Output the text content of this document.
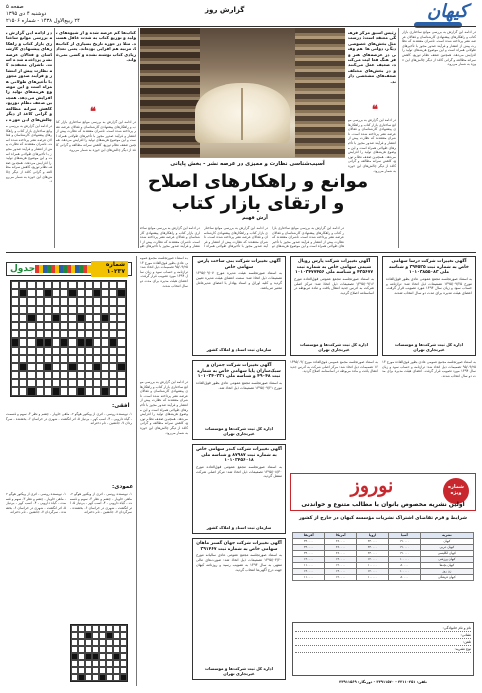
صفحه ۵
دوشنبه ۴ دی ۱۳۹۵
۲۴ ربیع‌الاول ۱۴۳۸ - شماره ۲۱۵۰۶
گزارش روز	کیهان
در ادامه این گزارش به بررسی موانع ساختاری بازار کتاب و راهکارهای پیشنهادی کارشناسان و فعالان عرصه نشر پرداخته شده است. ناشران معتقدند که نظارت پیش از انتشار و فرآیند صدور مجوز با تأخیرهای طولانی همراه است و این موضوع هزینه‌های تولید را افزایش می‌دهد. همچنین ضعف نظام توزیع، کاهش سرانه مطالعه و گرانی کاغذ از دیگر چالش‌های این حوزه به شمار می‌رود.
رئیس اسبق مرکز فرهنگی معتقد است: درست مثل بخش‌های خصوصی دیگر، دولتی‌ها هم وقتی در عرصه‌های هنر و فرهنگ فعالیت می‌کنند، ضعیف عمل می‌کنند و در بخش‌های مختلف ضعف‌های مشخصی دارند.
❝
در ادامه این گزارش به بررسی موانع ساختاری بازار کتاب و راهکارهای پیشنهادی کارشناسان و فعالان عرصه نشر پرداخته شده است. ناشران معتقدند که نظارت پیش از انتشار و فرآیند صدور مجوز با تأخیرهای طولانی همراه است و این موضوع هزینه‌های تولید را افزایش می‌دهد. همچنین ضعف نظام توزیع، کاهش سرانه مطالعه و گرانی کاغذ از دیگر چالش‌های این حوزه به شمار می‌رود.
در ادامه این گزارش به بررسی موانع ساختاری بازار کتاب و راهکارهای پیشنهادی کارشناسان و فعالان عرصه نشر پرداخته شده است. ناشران معتقدند که نظارت پیش از انتشار و فرآیند صدور مجوز با تأخیرهای طولانی همراه است و این موضوع هزینه‌های تولید را افزایش می‌دهد. همچنین ضعف نظام توزیع، کاهش سرانه مطالعه و گرانی کاغذ از دیگر چالش‌های این حوزه ب
کتاب‌ها کم عرضه شده و از شیوه‌های تولید و توزیع کتاب به شدت غافل هستند. مثلا در حوزه تاریخ بسیاری از کتاب‌ها، مرتبه هم افزایی بوده‌اند. یعنی تعداد زیادی کتاب نوشته نشده و کسی نمی‌خواند.
❝
در ادامه این گزارش به بررسی موانع ساختاری بازار کتاب و راهکارهای پیشنهادی کارشناسان و فعالان عرصه نشر پرداخته شده است. ناشران معتقدند که نظارت پیش از انتشار و فرآیند صدور مجوز با تأخیرهای طولانی همراه است و این موضوع هزینه‌های تولید را افزایش می‌دهد. همچنین ضعف نظام توزیع، کاهش سرانه مطالعه و گرانی کاغذ از دیگر چالش‌های این حوزه به شمار می‌رود.
در ادامه این گزارش به بررسی موانع ساختاری بازار کتاب و راهکارهای پیشنهادی کارشناسان و فعالان عرصه نشر پرداخته شده است. ناشران معتقدند که نظارت پیش از انتشار و فرآیند صدور مجوز با تأخیرهای طولانی همراه است و این موضوع هزینه‌های تولید را افزایش می‌دهد. همچنین ضعف نظام توزیع، کاهش سرانه مطالعه و گرانی کاغذ از دیگر چالش‌های این حوزه به شمار می‌رود.
آسیب‌شناسی نظارت و ممیزی در عرصه نشر - بخش پایانی
موانع و راهکارهای اصلاح
و ارتقای بازار کتاب
آرش فهیم
در ادامه این گزارش به بررسی موانع ساختاری بازار کتاب و راهکارهای پیشنهادی کارشناسان و فعالان عرصه نشر پرداخته شده است. ناشران معتقدند که نظارت پیش از انتشار و فرآیند صدور مجوز با تأخیرهای طو
در ادامه این گزارش به بررسی موانع ساختاری بازار کتاب و راهکارهای پیشنهادی کارشناسان و فعالان عرصه نشر پرداخته شده است. ناشران معتقدند که نظارت پیش از انتشار و فرآیند صدور مجوز با تأخیرهای طولانی همراه ا
در ادامه این گزارش به بررسی موانع ساختاری بازار کتاب و راهکارهای پیشنهادی کارشناسان و فعالان عرصه نشر پرداخته شده است. ناشران معتقدند که نظارت پیش از انتشار و فرآیند صدور مجوز با تأخیرهای طولانی همراه است و این موضوع هزینه‌های تو
شماره ۱۰۲۳۷
جدول
افقی:
۱- نویسنده روسی - اثری از ویکتور هوگو ۲- ماهی خاویار - چشم و نظر ۳- سهم و قسمت - گیاه دارویی - ۴- اسب کهر - بی‌نیاز ۵- اثر انگشت - شهری در خراسان ۶- بخشنده - سرگردان ۷- جانشین - نام دخترانه
عمودی:
۱- نویسنده روسی - اثری از ویکتور هوگو ۲- ماهی خاویار - چشم و نظر ۳- سهم و قسمت - گیاه دارویی - ۴- اسب کهر - بی‌نیاز ۵- اثر انگشت - شهری در خراسان ۶- بخشنده - سرگردان ۷- جانشین - نام دخترانه
۱- نویسنده روسی - اثری از ویکتور هوگو ۲- ماهی خاویار - چشم و نظر ۳- سهم و قسمت - گیاه دارویی - ۴- اسب کهر - بی‌نیاز ۵- اثر انگشت - شهری در خراسان ۶- بخشنده - سرگردان ۷- جانشین - نام دخترانه
به استناد صورتجلسه مجمع عمومی عادی بطور فوق‌العاده مورخ ۱۳۹۵/۰۹/۲۵ تصمیمات ذیل اتخاذ شد: ترازنامه و حساب سود و زیان سال ۱۳۹۴ مورد تصویب قرار گرفت. اعضای هیئت مدیره برای مدت دو سال انتخاب شدند.
در ادامه این گزارش به بررسی موانع ساختاری بازار کتاب و راهکارهای پیشنهادی کارشناسان و فعالان عرصه نشر پرداخته شده است. ناشران معتقدند که نظارت پیش از انتشار و فرآیند صدور مجوز با تأخیرهای طولانی همراه است و این موضوع هزینه‌های تولید را افزایش می‌دهد. همچنین ضعف نظام توزیع، کاهش سرانه مطالعه و گرانی کاغذ از دیگر چالش‌های این حوزه به شمار می‌رود.
آگهی تغییرات شرکت بنی ساخت پارس سهامی خاص
به استناد صورتجلسه هیئت مدیره مورخ ۱۳۹۵/۰۹/۰۷ تصمیمات ذیل اتخاذ شد: سمت اعضای هیئت مدیره تعیین گردید و کلیه اوراق و اسناد بهادار با امضای مدیرعامل معتبر می‌باشد.
سازمان ثبت اسناد و املاک کشور
آگهی تغییرات شرکت جمران و سبک‌سازان پایا سهامی خاص به شماره ثبت ۴۹۰۴۸ و شناسه ملی ۱۰۱۰۳۴۰۲۳۱
به استناد صورتجلسه مجمع عمومی عادی بطور فوق‌العاده مورخ ۱۳۹۵/۰۹/۲۱ تصمیمات ذیل اتخاذ شد.
اداره کل ثبت شرکت‌ها و موسسات غیرتجاری تهران
آگهی تغییرات شرکت کندر سهامی خاص به شماره ثبت ۸۷۹۸۷ و شناسه ملی ۱۰۱۰۲۴۵۶۰۱۸
به استناد صورتجلسه مجمع عمومی فوق‌العاده مورخ ۱۳۹۵/۰۸/۳۰ تصمیمات ذیل اتخاذ شد: مرکز اصلی شرکت منتقل گردید.
سازمان ثبت اسناد و املاک کشور
آگهی تغییرات شرکت جهان گستر ماهان سهامی خاص به شماره ثبت ۳۹۱۴۶۷
به استناد صورتجلسه مجمع عمومی عادی سالیانه مورخ ۱۳۹۵/۰۴/۲۰ تصمیمات ذیل اتخاذ شد: صورت‌های مالی منتهی به سال ۱۳۹۴ به تصویب رسید و روزنامه کیهان جهت درج آگهی‌ها انتخاب گردید.
اداره کل ثبت شرکت‌ها و موسسات غیرتجاری تهران
آگهی تغییرات شرکت پارس رویال شیمی سهامی خاص به شماره ثبت ۴۲۵۶۷۷ و شناسه ملی ۱۰۱۰۳۴۷۷۴۵۶
به استناد صورتجلسه مجمع عمومی فوق‌العاده مورخ ۱۳۹۵/۰۹/۱۶ تصمیمات ذیل اتخاذ شد: مرکز اصلی شرکت به آدرس جدید انتقال یافت و ماده مربوطه در اساسنامه اصلاح گردید.
اداره کل ثبت شرکت‌ها و موسسات غیرتجاری تهران
آگهی تغییرات شرکت درسا سهامی خاص به شماره ثبت ۳۹۴۵۲۵ و شناسه ملی ۱۰۱۰۳۸۵۵۰۸۳
به استناد صورتجلسه مجمع عمومی عادی بطور فوق‌العاده مورخ ۱۳۹۵/۰۹/۲۵ تصمیمات ذیل اتخاذ شد: ترازنامه و حساب سود و زیان سال ۱۳۹۴ مورد تصویب قرار گرفت. اعضای هیئت مدیره برای مدت دو سال انتخاب شدند.
اداره کل ثبت شرکت‌ها و موسسات غیرتجاری تهران
به استناد صورتجلسه مجمع عمومی فوق‌العاده مورخ ۱۳۹۵/۰۹/۱۶ تصمیمات ذیل اتخاذ شد: مرکز اصلی شرکت به آدرس جدید انتقال یافت و ماده مربوطه در اساسنامه اصلاح گردید.
به استناد صورتجلسه مجمع عمومی عادی بطور فوق‌العاده مورخ ۱۳۹۵/۰۹/۲۵ تصمیمات ذیل اتخاذ شد: ترازنامه و حساب سود و زیان سال ۱۳۹۴ مورد تصویب قرار گرفت. اعضای هیئت مدیره برای مدت دو سال انتخاب شدند.
نوروز	شماره ویژه
اولین نشریه مخصوص بانوان با مطالب متنوع و خواندنی
شرایط و فرم تقاضای اشتراک نشریات مؤسسه کیهان در خارج از کشور
نشریه	آسیا	اروپا	آمریکا	آفریقا
کیهان	۱۹۰۰۰۰	۲۳۰۰۰۰	۲۶۰۰۰۰	۲۴۰۰۰۰
کیهان عربی	۱۹۰۰۰۰	۲۳۰۰۰۰	۲۶۰۰۰۰	۲۴۰۰۰۰
کیهان انگلیسی	۱۹۰۰۰۰	۲۳۰۰۰۰	۲۶۰۰۰۰	۲۴۰۰۰۰
کیهان ورزشی	۱۰۰۰۰۰	۱۲۰۰۰۰	۱۴۰۰۰۰	۱۳۰۰۰۰
کیهان بچه‌ها	۸۰۰۰۰	۱۰۰۰۰۰	۱۲۰۰۰۰	۱۱۰۰۰۰
زن روز	۱۰۰۰۰۰	۱۲۰۰۰۰	۱۴۰۰۰۰	۱۳۰۰۰۰
کیهان فرهنگی	۸۰۰۰۰	۱۰۰۰۰۰	۱۲۰۰۰۰	۱۱۰۰۰۰
نام و نام خانوادگی:
نشانی:
تلفن:
نوع نشریه:
تلفن: ۳۳۱۱۰۲۵۱ - ۳۳۹۱۱۵۷۰ - دورنگار: ۳۳۹۱۱۵۶۹
